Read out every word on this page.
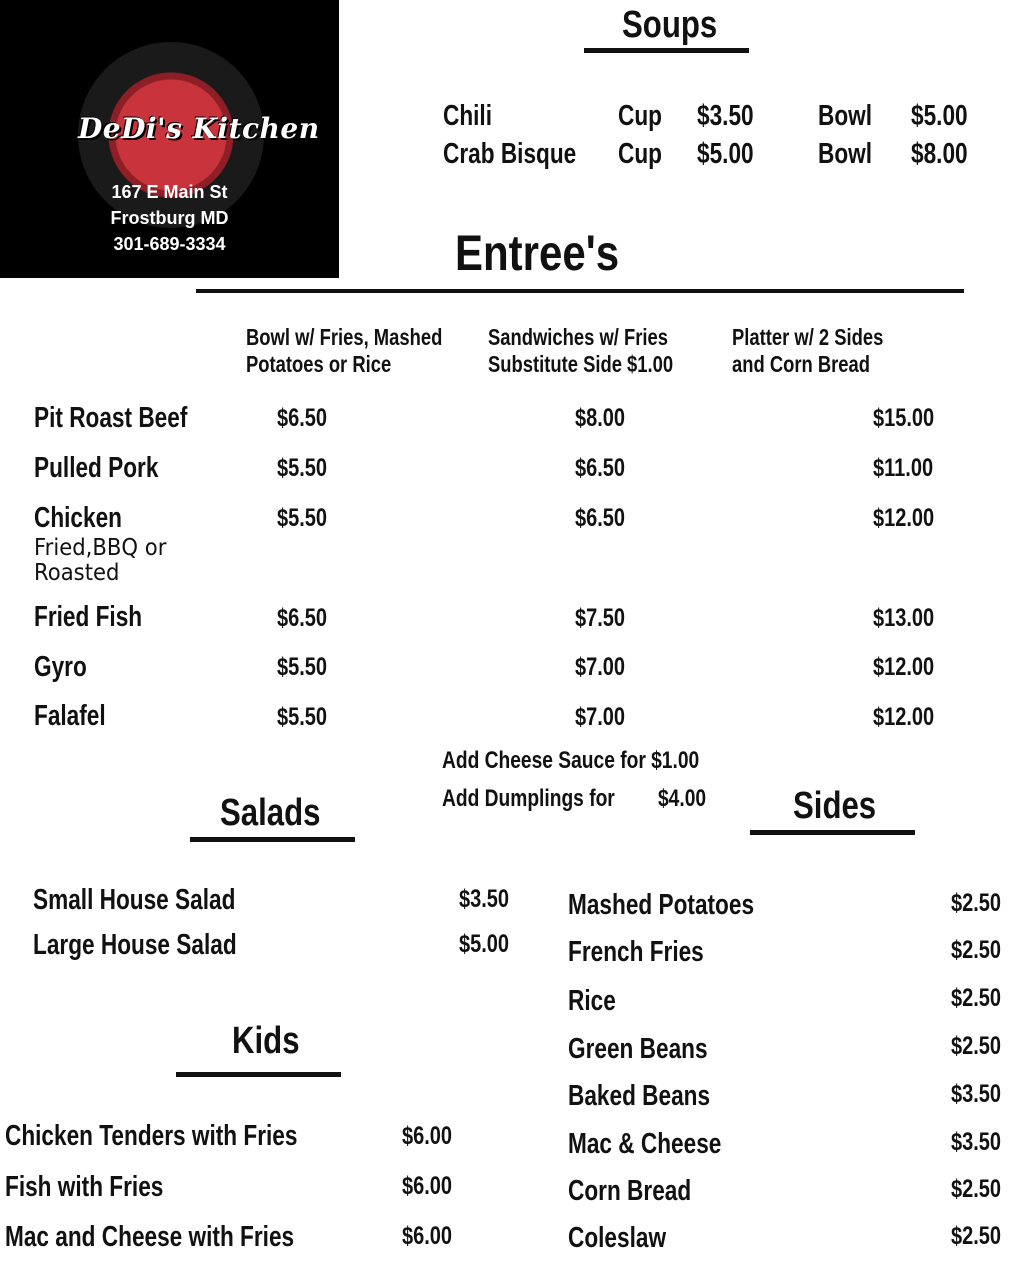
DeDi's Kitchen
167 E Main St
Frostburg MD
301-689-3334
Soups
Chili	Cup $3.50 Bowl $5.00
Crab Bisque Cup $5.00 Bowl $8.00
Entree's
Bowl w/ Fries, Mashed
Potatoes or Rice
Sandwiches w/ Fries
Substitute Side $1.00
Platter w/ 2 Sides
and Corn Bread
Pit Roast Beef	$6.50	$8.00	$15.00
Pulled Pork	$5.50	$6.50	$11.00
Chicken
Fried,BBQ or
Roasted
$5.50	$6.50	$12.00
Fried Fish	$6.50	$7.50	$13.00
Gyro	$5.50	$7.00	$12.00
Falafel	$5.50	$7.00	$12.00
Add Cheese Sauce for $1.00
Add Dumplings for $4.00
Salads
Small House Salad	$3.50
Large House Salad	$5.00
Kids
Chicken Tenders with Fries	$6.00
Fish with Fries	$6.00
Mac and Cheese with Fries	$6.00
Sides
Mashed Potatoes	$2.50
French Fries	$2.50
Rice	$2.50
Green Beans	$2.50
Baked Beans	$3.50
Mac & Cheese	$3.50
Corn Bread	$2.50
Coleslaw	$2.50
